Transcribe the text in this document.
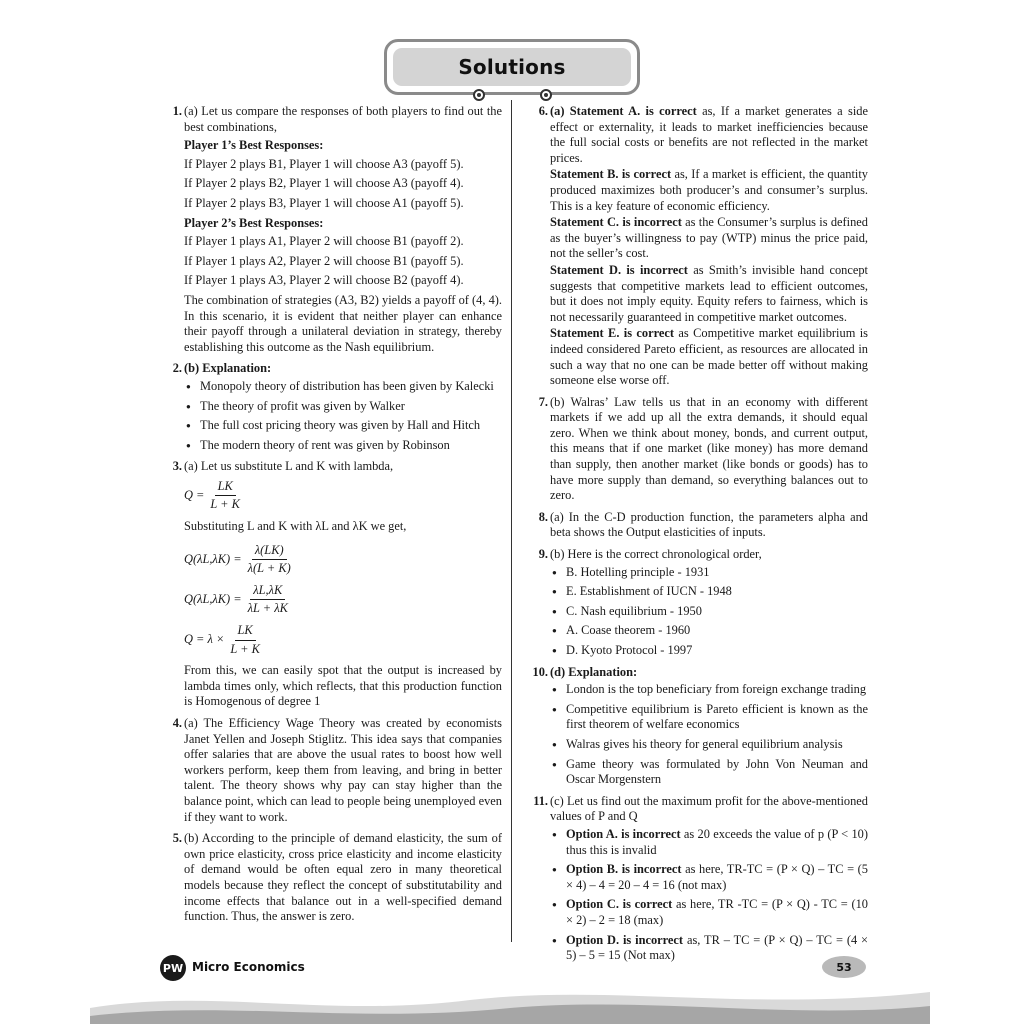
Solutions
1. (a) Let us compare the responses of both players to find out the best combinations,

Player 1’s Best Responses:
If Player 2 plays B1, Player 1 will choose A3 (payoff 5).
If Player 2 plays B2, Player 1 will choose A3 (payoff 4).
If Player 2 plays B3, Player 1 will choose A1 (payoff 5).
Player 2’s Best Responses:
If Player 1 plays A1, Player 2 will choose B1 (payoff 2).
If Player 1 plays A2, Player 2 will choose B1 (payoff 5).
If Player 1 plays A3, Player 2 will choose B2 (payoff 4).

The combination of strategies (A3, B2) yields a payoff of (4, 4). In this scenario, it is evident that neither player can enhance their payoff through a unilateral deviation in strategy, thereby establishing this outcome as the Nash equilibrium.

2. (b) Explanation:

● Monopoly theory of distribution has been given by Kalecki
● The theory of profit was given by Walker
● The full cost pricing theory was given by Hall and Hitch
● The modern theory of rent was given by Robinson
3. (a) Let us substitute L and K with lambda,

$Q = \frac{LK}{L + K}$

Substituting L and K with λL and λK we get,

$Q(\lambda L,\lambda K) = \frac{\lambda(LK)}{\lambda(L + K)}$
$Q(\lambda L,\lambda K) = \frac{\lambda L,\lambda K}{\lambda L + \lambda K}$
$Q = \lambda \times \frac{LK}{L + K}$

From this, we can easily spot that the output is increased by lambda times only, which reflects, that this production function is Homogenous of degree 1

4. (a) The Efficiency Wage Theory was created by economists Janet Yellen and Joseph Stiglitz. This idea says that companies offer salaries that are above the usual rates to boost how well workers perform, keep them from leaving, and bring in better talent. The theory shows why pay can stay higher than the balance point, which can lead to people being unemployed even if they want to work.

5. (b) According to the principle of demand elasticity, the sum of own price elasticity, cross price elasticity and income elasticity of demand would be often equal zero in many theoretical models because they reflect the concept of substitutability and income effects that balance out in a well-specified demand function. Thus, the answer is zero.

6. (a) Statement A. is correct as, If a market generates a side effect or externality, it leads to market inefficiencies because the full social costs or benefits are not reflected in the market prices.

Statement B. is correct as, If a market is efficient, the quantity produced maximizes both producer’s and consumer’s surplus. This is a key feature of economic efficiency.

Statement C. is incorrect as the Consumer’s surplus is defined as the buyer’s willingness to pay (WTP) minus the price paid, not the seller’s cost.

Statement D. is incorrect as Smith’s invisible hand concept suggests that competitive markets lead to efficient outcomes, but it does not imply equity. Equity refers to fairness, which is not necessarily guaranteed in competitive market outcomes.

Statement E. is correct as Competitive market equilibrium is indeed considered Pareto efficient, as resources are allocated in such a way that no one can be made better off without making someone else worse off.

7. (b) Walras’ Law tells us that in an economy with different markets if we add up all the extra demands, it should equal zero. When we think about money, bonds, and current output, this means that if one market (like money) has more demand than supply, then another market (like bonds or goods) has to have more supply than demand, so everything balances out to zero.

8. (a) In the C-D production function, the parameters alpha and beta shows the Output elasticities of inputs.

9. (b) Here is the correct chronological order,

● B. Hotelling principle - 1931
● E. Establishment of IUCN - 1948
● C. Nash equilibrium - 1950
● A. Coase theorem - 1960
● D. Kyoto Protocol - 1997
10. (d) Explanation:

● London is the top beneficiary from foreign exchange trading
● Competitive equilibrium is Pareto efficient is known as the first theorem of welfare economics
● Walras gives his theory for general equilibrium analysis
● Game theory was formulated by John Von Neuman and Oscar Morgenstern
11. (c) Let us find out the maximum profit for the above-mentioned values of P and Q

● Option A. is incorrect as 20 exceeds the value of p (P < 10) thus this is invalid
● Option B. is incorrect as here, TR-TC = (P × Q) – TC = (5 × 4) – 4 = 20 – 4 = 16 (not max)
● Option C. is correct as here, TR -TC = (P × Q) - TC = (10 × 2) – 2 = 18 (max)
● Option D. is incorrect as, TR – TC = (P × Q) – TC = (4 × 5) – 5 = 15 (Not max)
PW Micro Economics	53
